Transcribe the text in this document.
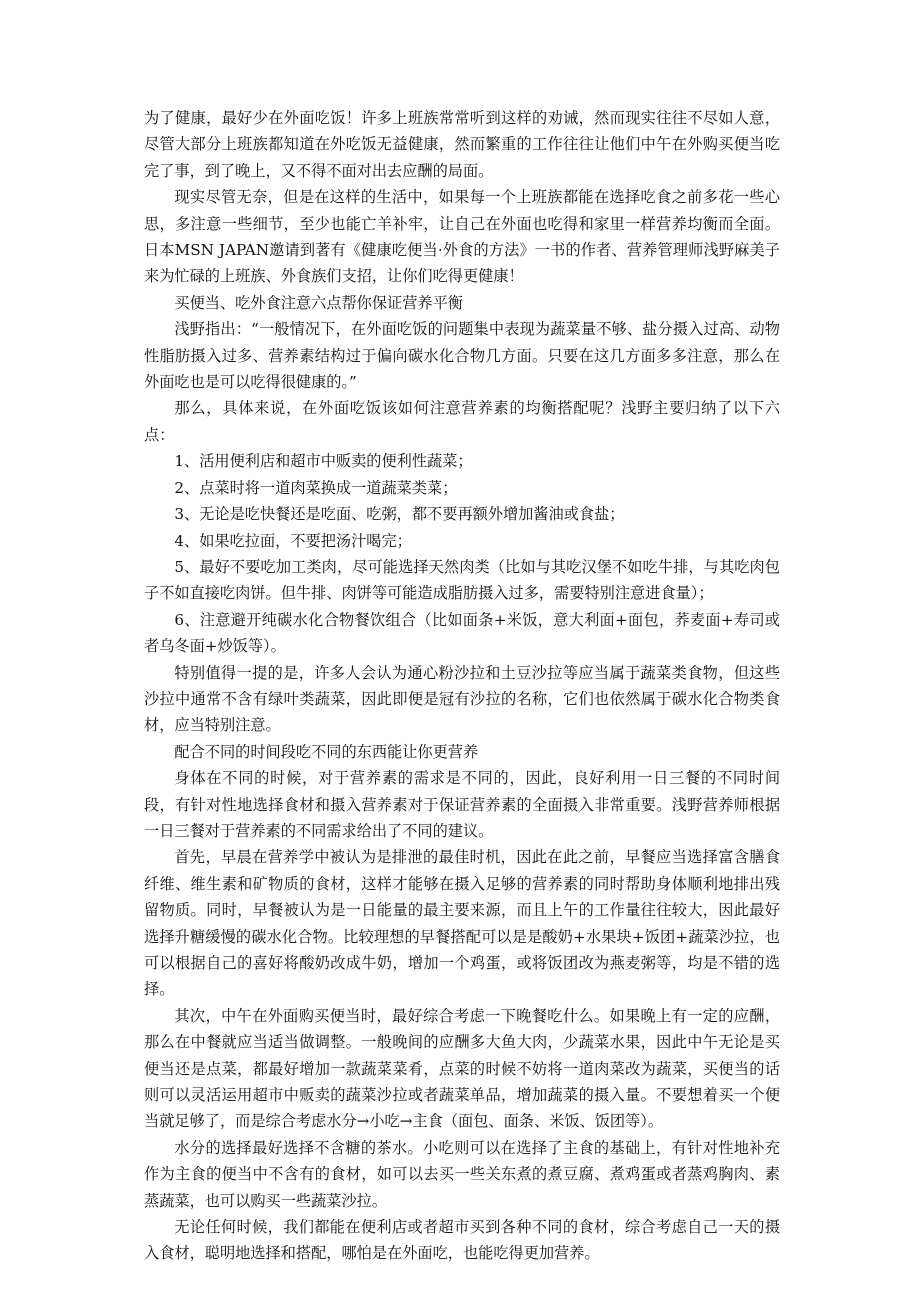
为了健康，最好少在外面吃饭！许多上班族常常听到这样的劝诫，然而现实往往不尽如人意，尽管大部分上班族都知道在外吃饭无益健康，然而繁重的工作往往让他们中午在外购买便当吃完了事，到了晚上，又不得不面对出去应酬的局面。

现实尽管无奈，但是在这样的生活中，如果每一个上班族都能在选择吃食之前多花一些心思，多注意一些细节，至少也能亡羊补牢，让自己在外面也吃得和家里一样营养均衡而全面。日本MSN JAPAN邀请到著有《健康吃便当·外食的方法》一书的作者、营养管理师浅野麻美子来为忙碌的上班族、外食族们支招，让你们吃得更健康！

买便当、吃外食注意六点帮你保证营养平衡

浅野指出：“一般情况下，在外面吃饭的问题集中表现为蔬菜量不够、盐分摄入过高、动物性脂肪摄入过多、营养素结构过于偏向碳水化合物几方面。只要在这几方面多多注意，那么在外面吃也是可以吃得很健康的。”

那么，具体来说，在外面吃饭该如何注意营养素的均衡搭配呢？浅野主要归纳了以下六点：

1、活用便利店和超市中贩卖的便利性蔬菜；

2、点菜时将一道肉菜换成一道蔬菜类菜；

3、无论是吃快餐还是吃面、吃粥，都不要再额外增加酱油或食盐；

4、如果吃拉面，不要把汤汁喝完；

5、最好不要吃加工类肉，尽可能选择天然肉类（比如与其吃汉堡不如吃牛排，与其吃肉包子不如直接吃肉饼。但牛排、肉饼等可能造成脂肪摄入过多，需要特别注意进食量）；

6、注意避开纯碳水化合物餐饮组合（比如面条+米饭，意大利面+面包，荞麦面+寿司或者乌冬面+炒饭等）。

特别值得一提的是，许多人会认为通心粉沙拉和土豆沙拉等应当属于蔬菜类食物，但这些沙拉中通常不含有绿叶类蔬菜，因此即便是冠有沙拉的名称，它们也依然属于碳水化合物类食材，应当特别注意。

配合不同的时间段吃不同的东西能让你更营养

身体在不同的时候，对于营养素的需求是不同的，因此，良好利用一日三餐的不同时间段，有针对性地选择食材和摄入营养素对于保证营养素的全面摄入非常重要。浅野营养师根据一日三餐对于营养素的不同需求给出了不同的建议。

首先，早晨在营养学中被认为是排泄的最佳时机，因此在此之前，早餐应当选择富含膳食纤维、维生素和矿物质的食材，这样才能够在摄入足够的营养素的同时帮助身体顺利地排出残留物质。同时，早餐被认为是一日能量的最主要来源，而且上午的工作量往往较大，因此最好选择升糖缓慢的碳水化合物。比较理想的早餐搭配可以是是酸奶+水果块+饭团+蔬菜沙拉，也可以根据自己的喜好将酸奶改成牛奶，增加一个鸡蛋，或将饭团改为燕麦粥等，均是不错的选择。

其次，中午在外面购买便当时，最好综合考虑一下晚餐吃什么。如果晚上有一定的应酬，那么在中餐就应当适当做调整。一般晚间的应酬多大鱼大肉，少蔬菜水果，因此中午无论是买便当还是点菜，都最好增加一款蔬菜菜肴，点菜的时候不妨将一道肉菜改为蔬菜，买便当的话则可以灵活运用超市中贩卖的蔬菜沙拉或者蔬菜单品，增加蔬菜的摄入量。不要想着买一个便当就足够了，而是综合考虑水分→小吃→主食（面包、面条、米饭、饭团等）。

水分的选择最好选择不含糖的茶水。小吃则可以在选择了主食的基础上，有针对性地补充作为主食的便当中不含有的食材，如可以去买一些关东煮的煮豆腐、煮鸡蛋或者蒸鸡胸肉、素蒸蔬菜，也可以购买一些蔬菜沙拉。

无论任何时候，我们都能在便利店或者超市买到各种不同的食材，综合考虑自己一天的摄入食材，聪明地选择和搭配，哪怕是在外面吃，也能吃得更加营养。
